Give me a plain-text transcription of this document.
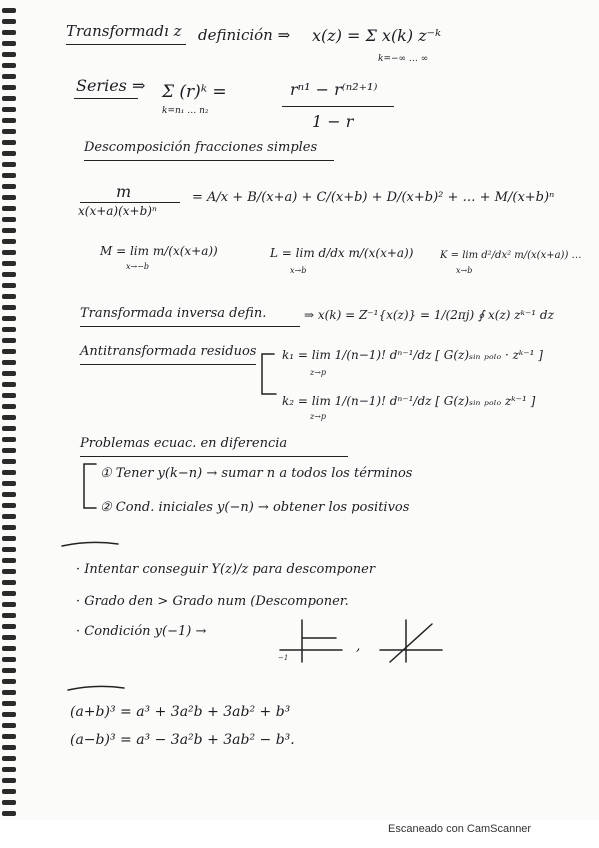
Transformadı z definición ⇒ x(z) = Σ x(k) z⁻ᵏ
k=−∞ … ∞
Series ⇒ Σ (r)ᵏ =
k=n₁ … n₂
rⁿ¹ − r⁽ⁿ²⁺¹⁾
1 − r
Descomposición fracciones simples
m
x(x+a)(x+b)ⁿ
= A/x + B/(x+a) + C/(x+b) + D/(x+b)² + … + M/(x+b)ⁿ
M = lim m/(x(x+a))
x→−b
L = lim d/dx m/(x(x+a))
x→b
K = lim d²/dx² m/(x(x+a)) …
x→b
Transformada inversa defin.	⇒ x(k) = Z⁻¹{x(z)} = 1/(2πj) ∮ x(z) zᵏ⁻¹ dz
Antitransformada residuos k₁ = lim 1/(n−1)! dⁿ⁻¹/dz [ G(z)ₛᵢₙ ₚₒₗₒ · zᵏ⁻¹ ]
z→p
k₂ = lim 1/(n−1)! dⁿ⁻¹/dz [ G(z)ₛᵢₙ ₚₒₗₒ zᵏ⁻¹ ]
z→p
Problemas ecuac. en diferencia
① Tener y(k−n) → sumar n a todos los términos
② Cond. iniciales y(−n) → obtener los positivos
· Intentar conseguir Y(z)/z para descomponer
· Grado den > Grado num (Descomponer.
· Condición y(−1) →
−1
,
(a+b)³ = a³ + 3a²b + 3ab² + b³
(a−b)³ = a³ − 3a²b + 3ab² − b³.
Escaneado con CamScanner
